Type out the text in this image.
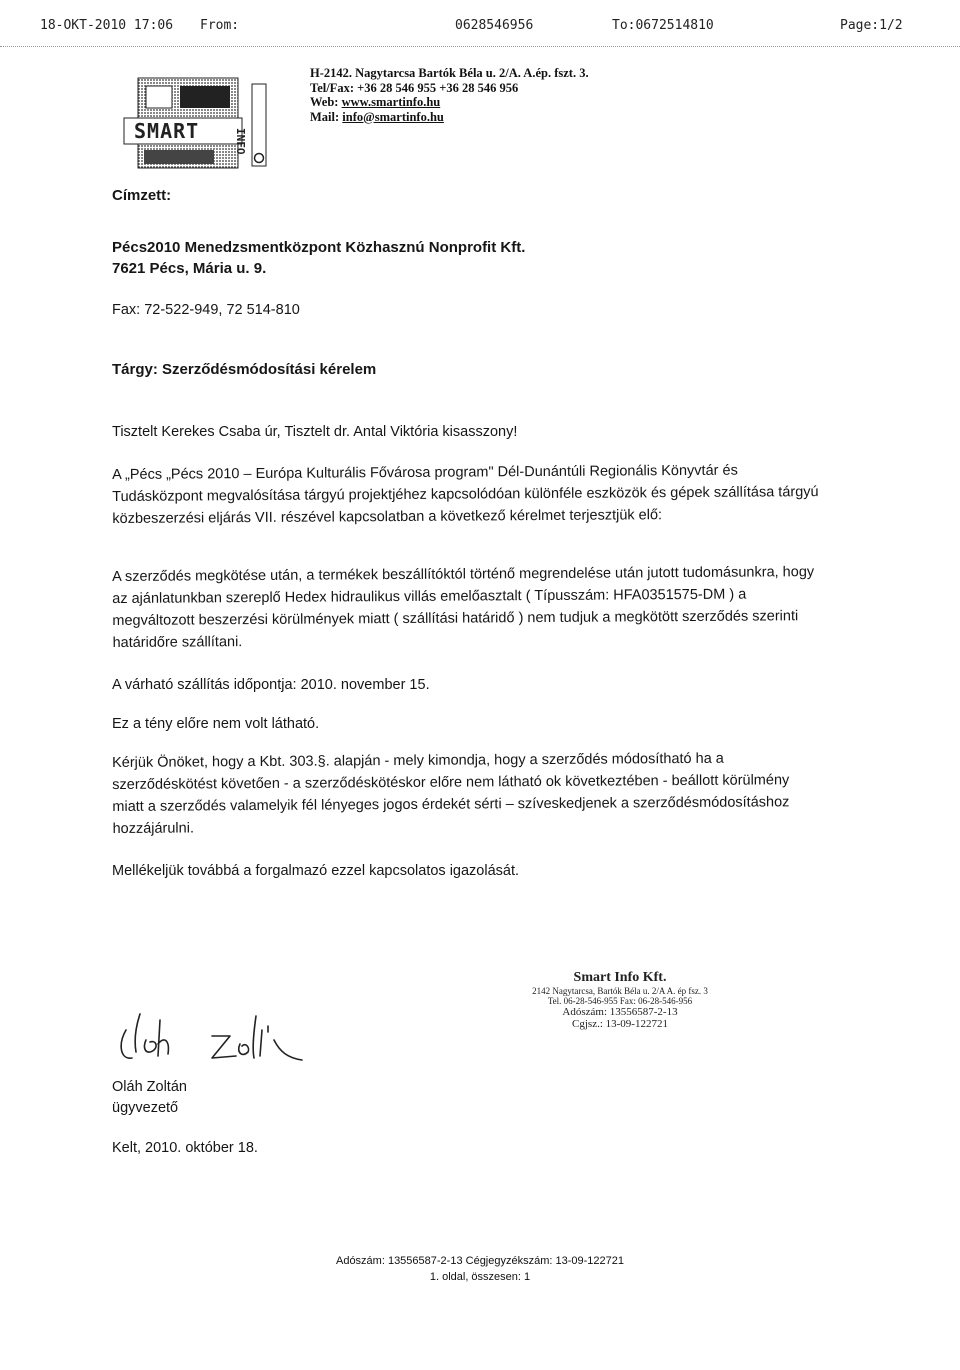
18-OKT-2010 17:06 From:	0628546956	To:0672514810	Page:1/2
SMART	INFO
H-2142. Nagytarcsa Bartók Béla u. 2/A. A.ép. fszt. 3.
Tel/Fax: +36 28 546 955 +36 28 546 956
Web: www.smartinfo.hu
Mail: info@smartinfo.hu
Címzett:
Pécs2010 Menedzsmentközpont Közhasznú Nonprofit Kft.
7621 Pécs, Mária u. 9.
Fax: 72-522-949, 72 514-810
Tárgy: Szerződésmódosítási kérelem
Tisztelt Kerekes Csaba úr, Tisztelt dr. Antal Viktória kisasszony!
A „Pécs „Pécs 2010 – Európa Kulturális Fővárosa program" Dél-Dunántúli Regionális Könyvtár és Tudásközpont megvalósítása tárgyú projektjéhez kapcsolódóan különféle eszközök és gépek szállítása tárgyú közbeszerzési eljárás VII. részével kapcsolatban a következő kérelmet terjesztjük elő:
A szerződés megkötése után, a termékek beszállítóktól történő megrendelése után jutott tudomásunkra, hogy az ajánlatunkban szereplő Hedex hidraulikus villás emelőasztalt ( Típusszám: HFA0351575-DM ) a megváltozott beszerzési körülmények miatt ( szállítási határidő ) nem tudjuk a megkötött szerződés szerinti határidőre szállítani.
A várható szállítás időpontja: 2010. november 15.
Ez a tény előre nem volt látható.
Kérjük Önöket, hogy a Kbt. 303.§. alapján - mely kimondja, hogy a szerződés módosítható ha a szerződéskötést követően - a szerződéskötéskor előre nem látható ok következtében - beállott körülmény miatt a szerződés valamelyik fél lényeges jogos érdekét sérti – szíveskedjenek a szerződésmódosításhoz hozzájárulni.
Mellékeljük továbbá a forgalmazó ezzel kapcsolatos igazolását.
Smart Info Kft.
2142 Nagytarcsa, Bartók Béla u. 2/A A. ép fsz. 3
Tel. 06-28-546-955 Fax: 06-28-546-956
Adószám: 13556587-2-13
Cgjsz.: 13-09-122721
Oláh Zoltán
ügyvezető
Kelt, 2010. október 18.
Adószám: 13556587-2-13 Cégjegyzékszám: 13-09-122721
1. oldal, összesen: 1
